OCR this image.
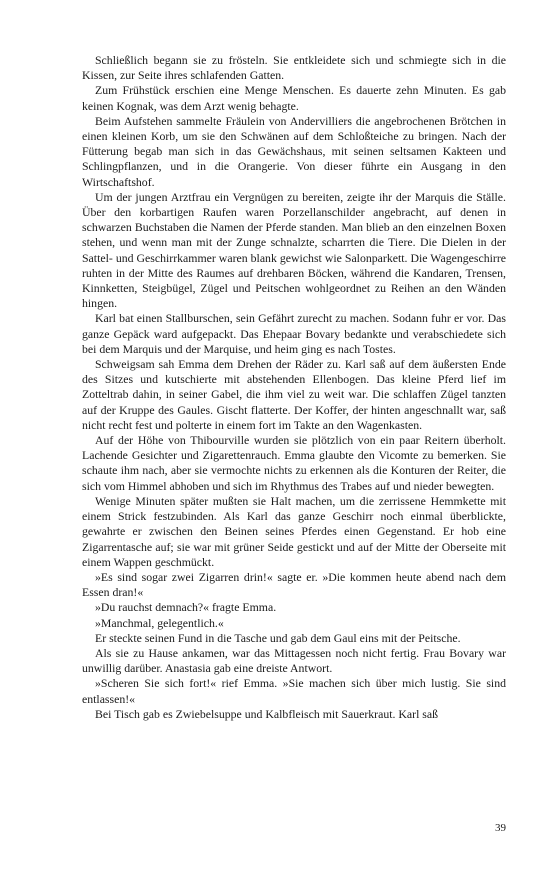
Schließlich begann sie zu frösteln. Sie entkleidete sich und schmiegte sich in die Kissen, zur Seite ihres schlafenden Gatten.

Zum Frühstück erschien eine Menge Menschen. Es dauerte zehn Minuten. Es gab keinen Kognak, was dem Arzt wenig behagte.

Beim Aufstehen sammelte Fräulein von Andervilliers die angebrochenen Brötchen in einen kleinen Korb, um sie den Schwänen auf dem Schloßteiche zu bringen. Nach der Fütterung begab man sich in das Gewächshaus, mit seinen seltsamen Kakteen und Schlingpflanzen, und in die Orangerie. Von dieser führte ein Ausgang in den Wirtschaftshof.

Um der jungen Arztfrau ein Vergnügen zu bereiten, zeigte ihr der Marquis die Ställe. Über den korbartigen Raufen waren Porzellanschilder angebracht, auf denen in schwarzen Buchstaben die Namen der Pferde standen. Man blieb an den einzelnen Boxen stehen, und wenn man mit der Zunge schnalzte, scharrten die Tiere. Die Dielen in der Sattel- und Geschirrkammer waren blank gewichst wie Salonparkett. Die Wagengeschirre ruhten in der Mitte des Raumes auf drehbaren Böcken, während die Kandaren, Trensen, Kinnketten, Steigbügel, Zügel und Peitschen wohlgeordnet zu Reihen an den Wänden hingen.

Karl bat einen Stallburschen, sein Gefährt zurecht zu machen. Sodann fuhr er vor. Das ganze Gepäck ward aufgepackt. Das Ehepaar Bovary bedankte und verabschiedete sich bei dem Marquis und der Marquise, und heim ging es nach Tostes.

Schweigsam sah Emma dem Drehen der Räder zu. Karl saß auf dem äußersten Ende des Sitzes und kutschierte mit abstehenden Ellenbogen. Das kleine Pferd lief im Zotteltrab dahin, in seiner Gabel, die ihm viel zu weit war. Die schlaffen Zügel tanzten auf der Kruppe des Gaules. Gischt flatterte. Der Koffer, der hinten angeschnallt war, saß nicht recht fest und polterte in einem fort im Takte an den Wagenkasten.

Auf der Höhe von Thibourville wurden sie plötzlich von ein paar Reitern überholt. Lachende Gesichter und Zigarettenrauch. Emma glaubte den Vicomte zu bemerken. Sie schaute ihm nach, aber sie vermochte nichts zu erkennen als die Konturen der Reiter, die sich vom Himmel abhoben und sich im Rhythmus des Trabes auf und nieder bewegten.

Wenige Minuten später mußten sie Halt machen, um die zerrissene Hemmkette mit einem Strick festzubinden. Als Karl das ganze Geschirr noch einmal überblickte, gewahrte er zwischen den Beinen seines Pferdes einen Gegenstand. Er hob eine Zigarrentasche auf; sie war mit grüner Seide gestickt und auf der Mitte der Oberseite mit einem Wappen geschmückt.

»Es sind sogar zwei Zigarren drin!« sagte er. »Die kommen heute abend nach dem Essen dran!«

»Du rauchst demnach?« fragte Emma.

»Manchmal, gelegentlich.«

Er steckte seinen Fund in die Tasche und gab dem Gaul eins mit der Peitsche.

Als sie zu Hause ankamen, war das Mittagessen noch nicht fertig. Frau Bovary war unwillig darüber. Anastasia gab eine dreiste Antwort.

»Scheren Sie sich fort!« rief Emma. »Sie machen sich über mich lustig. Sie sind entlassen!«

Bei Tisch gab es Zwiebelsuppe und Kalbfleisch mit Sauerkraut. Karl saß

39
